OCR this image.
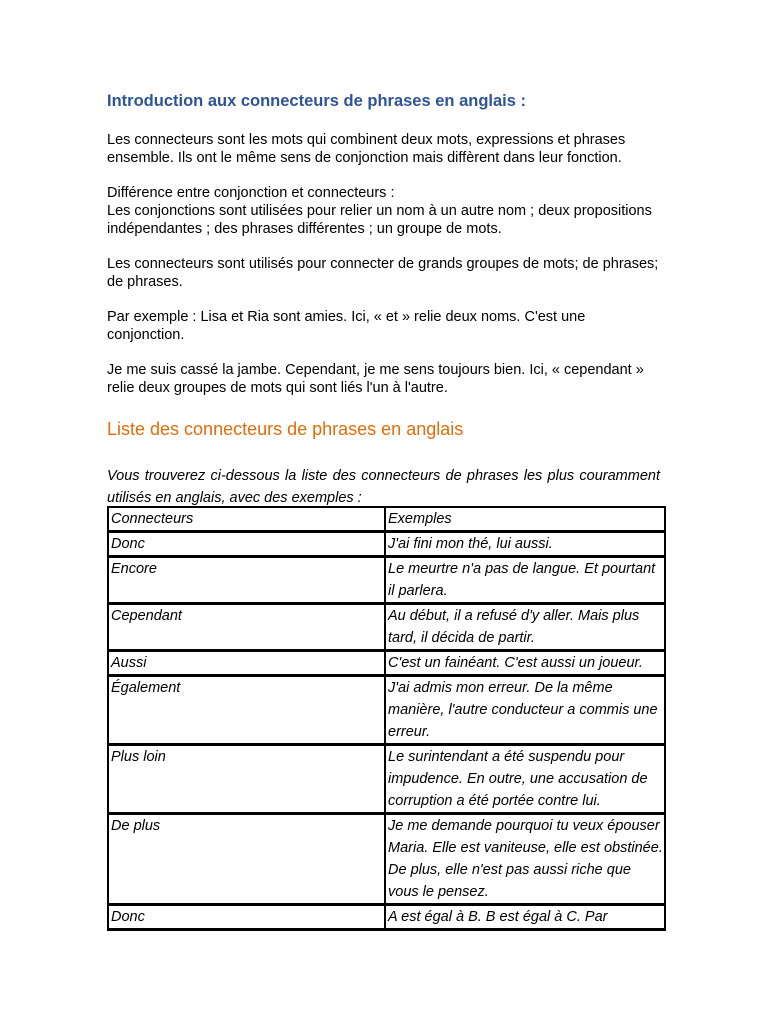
Introduction aux connecteurs de phrases en anglais :

Les connecteurs sont les mots qui combinent deux mots, expressions et phrases ensemble. Ils ont le même sens de conjonction mais diffèrent dans leur fonction.

Différence entre conjonction et connecteurs :

Les conjonctions sont utilisées pour relier un nom à un autre nom ; deux propositions indépendantes ; des phrases différentes ; un groupe de mots.

Les connecteurs sont utilisés pour connecter de grands groupes de mots; de phrases; de phrases.

Par exemple : Lisa et Ria sont amies. Ici, « et » relie deux noms. C'est une conjonction.

Je me suis cassé la jambe. Cependant, je me sens toujours bien. Ici, « cependant » relie deux groupes de mots qui sont liés l'un à l'autre.

Liste des connecteurs de phrases en anglais

Vous trouverez ci-dessous la liste des connecteurs de phrases les plus couramment utilisés en anglais, avec des exemples :

Connecteurs	Exemples
Donc	J'ai fini mon thé, lui aussi.
Encore	Le meurtre n'a pas de langue. Et pourtant il parlera.
Cependant	Au début, il a refusé d'y aller. Mais plus tard, il décida de partir.
Aussi	C'est un fainéant. C'est aussi un joueur.
Également	J'ai admis mon erreur. De la même manière, l'autre conducteur a commis une erreur.
Plus loin	Le surintendant a été suspendu pour impudence. En outre, une accusation de corruption a été portée contre lui.
De plus	Je me demande pourquoi tu veux épouser Maria. Elle est vaniteuse, elle est obstinée. De plus, elle n'est pas aussi riche que vous le pensez.
Donc	A est égal à B. B est égal à C. Par
